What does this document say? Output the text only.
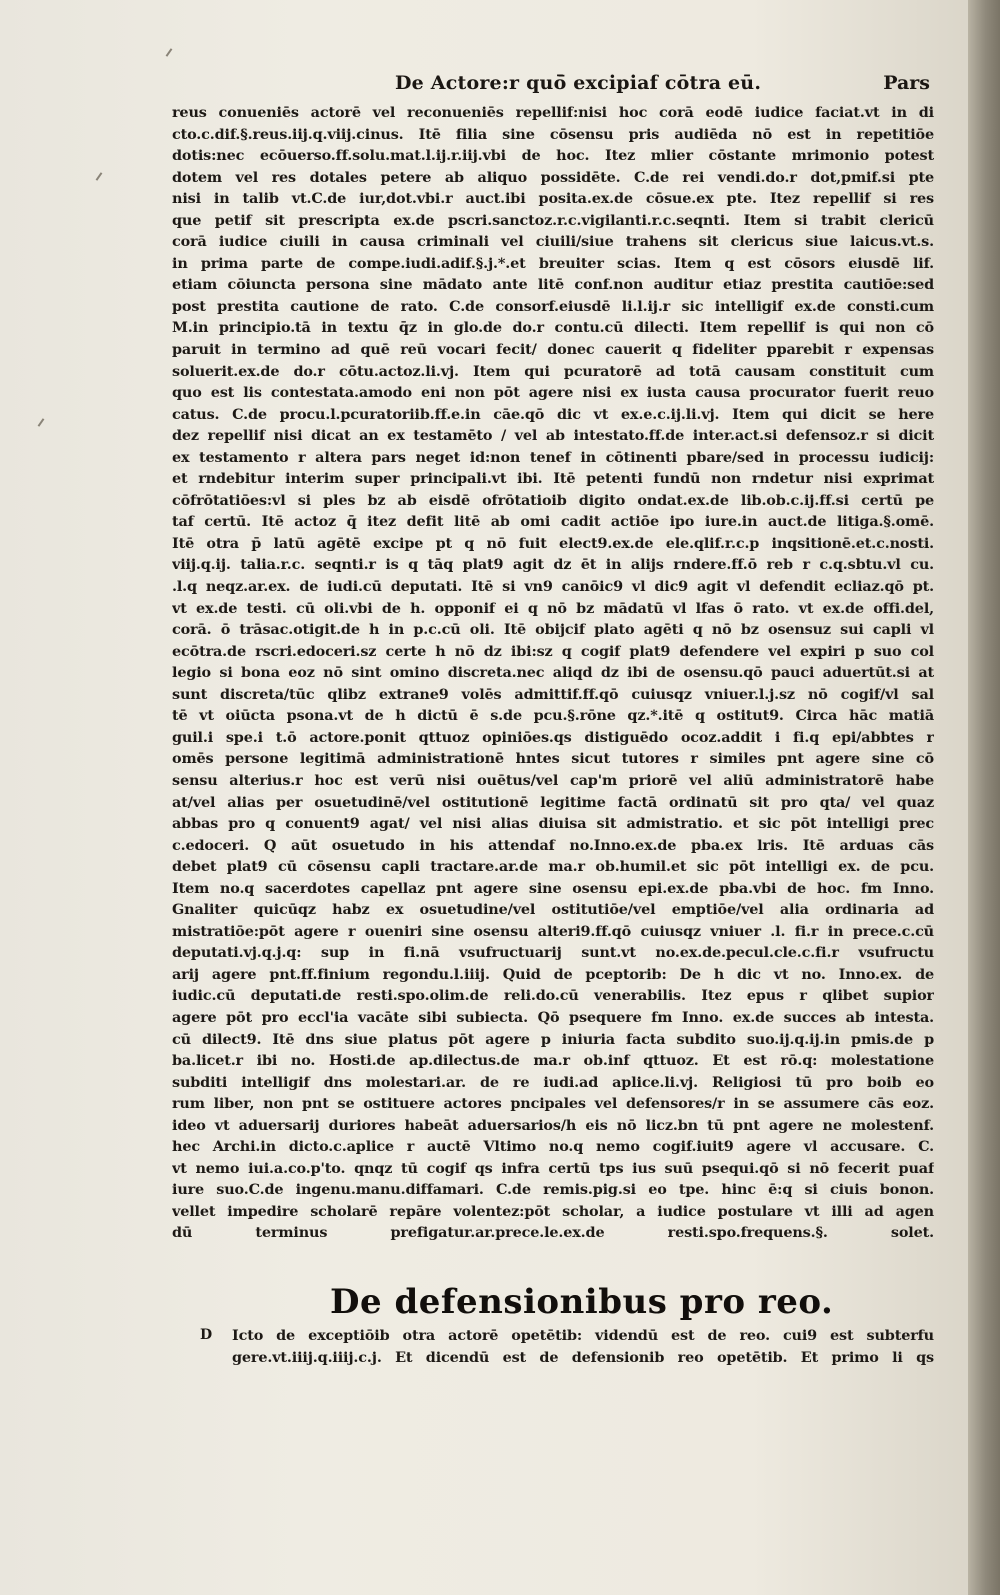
De Actore:r quō̄ excipiaf cōtra eū.	Pars
reus conueniēs actorē vel reconueniēs repellif:nisi hoc corā eodē iudice faciat.vt in di
cto.c.dif.§.reus.iij.q.viij.cinus. Itē filia sine cōsensu pris audiēda nō est in repetitiōe
dotis:nec ecōuerso.ff.solu.mat.l.ij.r.iij.vbi de hoc. Itez mlier cōstante mrimonio potest
dotem vel res dotales petere ab aliquo possidēte. C.de rei vendi.do.r dot,pmif.si pte
nisi in talib vt.C.de iur,dot.vbi.r auct.ibi posita.ex.de cōsue.ex pte. Itez repellif si res
que petif sit prescripta ex.de pscri.sanctoz.r.c.vigilanti.r.c.seqnti. Item si trabit clericū
corā iudice ciuili in causa criminali vel ciuili/siue trahens sit clericus siue laicus.vt.s.
in prima parte de compe.iudi.adif.§.j.*.et breuiter scias. Item q est cōsors eiusdē lif.
etiam cōiuncta persona sine mādato ante litē conf.non auditur etiaz prestita cautiōe:sed
post prestita cautione de rato. C.de consorf.eiusdē li.l.ij.r sic intelligif ex.de consti.cum
M.in principio.tā in textu q̄z in glo.de do.r contu.cū dilecti. Item repellif is qui non cō
paruit in termino ad quē reū vocari fecit/ donec cauerit q fideliter pparebit r expensas
soluerit.ex.de do.r cōtu.actoz.li.vj. Item qui pcuratorē ad totā causam constituit cum
quo est lis contestata.amodo eni non pōt agere nisi ex iusta causa procurator fuerit reuo
catus. C.de procu.l.pcuratoriib.ff.e.in cāe.qō dic vt ex.e.c.ij.li.vj. Item qui dicit se here
dez repellif nisi dicat an ex testamēto / vel ab intestato.ff.de inter.act.si defensoz.r si dicit
ex testamento r altera pars neget id:non tenef in cōtinenti pbare/sed in processu iudicij:
et rndebitur interim super principali.vt ibi. Itē petenti fundū non rndetur nisi exprimat
cōfrōtatiōes:vl si ples bz ab eisdē ofrōtatioib digito ondat.ex.de lib.ob.c.ij.ff.si certū pe
taf certū. Itē actoz q̄ itez defit litē ab omi cadit actiōe ipo iure.in auct.de litiga.§.omē.
Itē otra p̄ latū agētē excipe pt q nō fuit elect9.ex.de ele.qlif.r.c.p inqsitionē.et.c.nosti.
viij.q.ij. talia.r.c. seqnti.r is q tāq plat9 agit dz ēt in alijs rndere.ff.ō reb r c.q.sbtu.vl cu.
.l.q neqz.ar.ex. de iudi.cū deputati. Itē si vn9 canōic9 vl dic9 agit vl defendit ecliaz.qō pt.
vt ex.de testi. cū oli.vbi de h. opponif ei q nō bz mādatū vl lfas ō rato. vt ex.de offi.del,
corā. ō trāsac.otigit.de h in p.c.cū oli. Itē obijcif plato agēti q nō bz osensuz sui capli vl
ecōtra.de rscri.edoceri.sz certe h nō dz ibi:sz q cogif plat9 defendere vel expiri p suo col
legio si bona eoz nō sint omino discreta.nec aliqd dz ibi de osensu.qō pauci aduertūt.si at
sunt discreta/tūc qlibz extrane9 volēs admittif.ff.qō cuiusqz vniuer.l.j.sz nō cogif/vl sal
tē vt oiūcta psona.vt de h dictū ē s.de pcu.§.rōne qz.*.itē q ostitut9. Circa hāc matiā
guil.i spe.i t.ō actore.ponit qttuoz opiniōes.qs distiguēdo ocoz.addit i fi.q epi/abbtes r
omēs persone legitimā administrationē hntes sicut tutores r similes pnt agere sine cō
sensu alterius.r hoc est verū nisi ouētus/vel cap'm priorē vel aliū administratorē habe
at/vel alias per osuetudinē/vel ostitutionē legitime factā ordinatū sit pro qta/ vel quaz
abbas pro q conuent9 agat/ vel nisi alias diuisa sit admistratio. et sic pōt intelligi prec
c.edoceri. Q aūt osuetudo in his attendaf no.Inno.ex.de pba.ex lris. Itē arduas cās
debet plat9 cū cōsensu capli tractare.ar.de ma.r ob.humil.et sic pōt intelligi ex. de pcu.
Item no.q sacerdotes capellaz pnt agere sine osensu epi.ex.de pba.vbi de hoc. fm Inno.
Gnaliter quicūqz habz ex osuetudine/vel ostitutiōe/vel emptiōe/vel alia ordinaria ad
mistratiōe:pōt agere r oueniri sine osensu alteri9.ff.qō cuiusqz vniuer .l. fi.r in prece.c.cū
deputati.vj.q.j.q: sup in fi.nā vsufructuarij sunt.vt no.ex.de.pecul.cle.c.fi.r vsufructu
arij agere pnt.ff.finium regondu.l.iiij. Quid de pceptorib: De h dic vt no. Inno.ex. de
iudic.cū deputati.de resti.spo.olim.de reli.do.cū venerabilis. Itez epus r qlibet supior
agere pōt pro eccl'ia vacāte sibi subiecta. Qō psequere fm Inno. ex.de succes ab intesta.
cū dilect9. Itē dns siue platus pōt agere p iniuria facta subdito suo.ij.q.ij.in pmis.de p
ba.licet.r ibi no. Hosti.de ap.dilectus.de ma.r ob.inf qttuoz. Et est rō.q: molestatione
subditi intelligif dns molestari.ar. de re iudi.ad aplice.li.vj. Religiosi tū pro boib eo
rum liber, non pnt se ostituere actores pncipales vel defensores/r in se assumere cās eoz.
ideo vt aduersarij duriores habeāt aduersarios/h eis nō licz.bn tū pnt agere ne molestenf.
hec Archi.in dicto.c.aplice r auctē Vltimo no.q nemo cogif.iuit9 agere vl accusare. C.
vt nemo iui.a.co.p'to. qnqz tū cogif qs infra certū tps ius suū psequi.qō si nō fecerit puaf
iure suo.C.de ingenu.manu.diffamari. C.de remis.pig.si eo tpe. hinc ē:q si ciuis bonon.
vellet impedire scholarē repāre volentez:pōt scholar, a iudice postulare vt illi ad agen
dū terminus prefigatur.ar.prece.le.ex.de resti.spo.frequens.§. solet.
De defensionibus pro reo.
D	Icto de exceptiōib otra actorē opetētib: videndū est de reo. cui9 est subterfu
gere.vt.iiij.q.iiij.c.j. Et dicendū est de defensionib reo opetētib. Et primo li qs
